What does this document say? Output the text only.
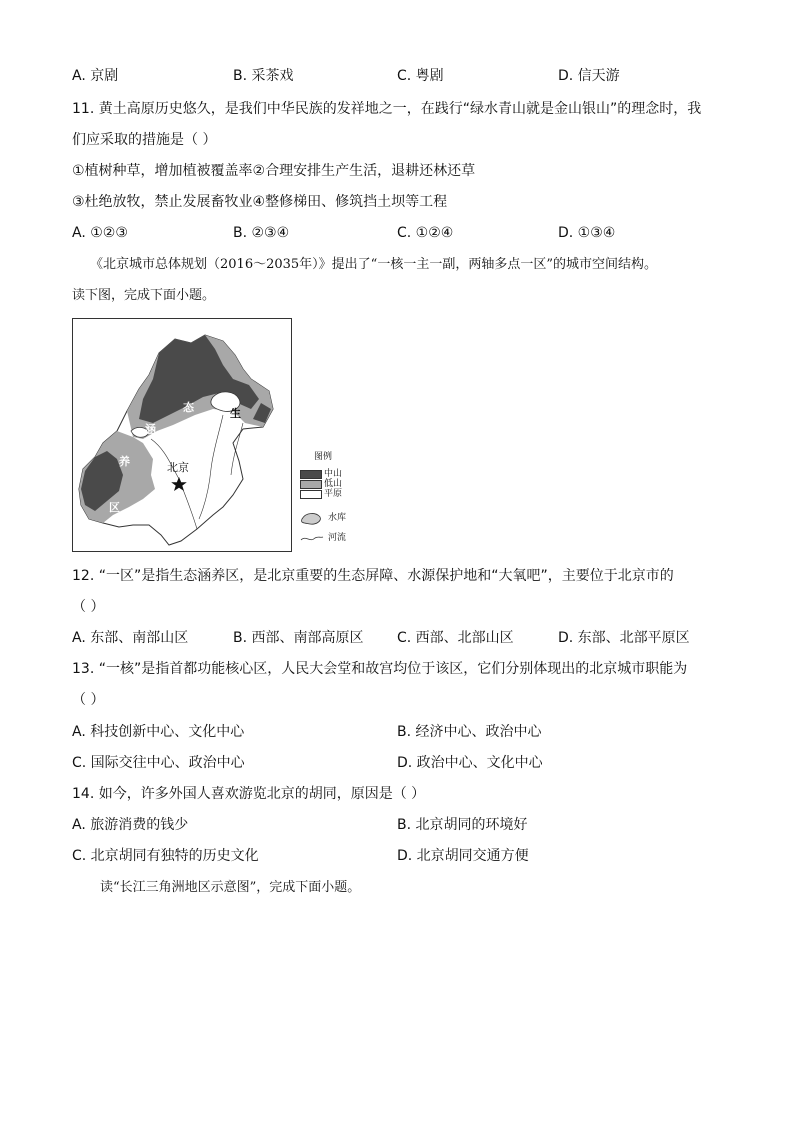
A. 京剧	B. 采茶戏	C. 粤剧	D. 信天游
11. 黄土高原历史悠久，是我们中华民族的发祥地之一，在践行“绿水青山就是金山银山”的理念时，我
们应采取的措施是（ ）
①植树种草，增加植被覆盖率②合理安排生产生活，退耕还林还草
③杜绝放牧，禁止发展畜牧业④整修梯田、修筑挡土坝等工程
A. ①②③	B. ②③④	C. ①②④	D. ①③④
《北京城市总体规划（2016～2035年）》提出了“一核一主一副，两轴多点一区”的城市空间结构。
读下图，完成下面小题。
北京
生
态
涵
养
区
图例
中山
低山
平原
水库
河流
12. “一区”是指生态涵养区，是北京重要的生态屏障、水源保护地和“大氧吧”，主要位于北京市的
（ ）
A. 东部、南部山区	B. 西部、南部高原区 C. 西部、北部山区	D. 东部、北部平原区
13. “一核”是指首都功能核心区，人民大会堂和故宫均位于该区，它们分别体现出的北京城市职能为
（ ）
A. 科技创新中心、文化中心	B. 经济中心、政治中心
C. 国际交往中心、政治中心	D. 政治中心、文化中心
14. 如今，许多外国人喜欢游览北京的胡同，原因是（ ）
A. 旅游消费的钱少	B. 北京胡同的环境好
C. 北京胡同有独特的历史文化	D. 北京胡同交通方便
读“长江三角洲地区示意图”，完成下面小题。
